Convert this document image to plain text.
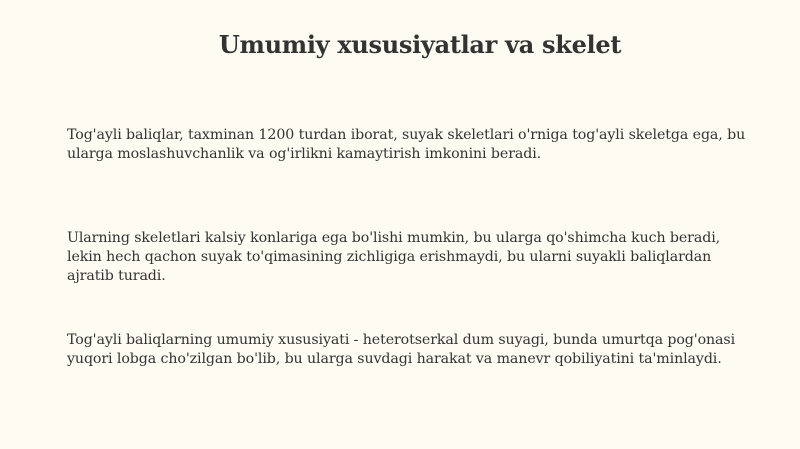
Umumiy xususiyatlar va skelet

Tog'ayli baliqlar, taxminan 1200 turdan iborat, suyak skeletlari o'rniga tog'ayli skeletga ega, bu ularga moslashuvchanlik va og'irlikni kamaytirish imkonini beradi.

Ularning skeletlari kalsiy konlariga ega bo'lishi mumkin, bu ularga qo'shimcha kuch beradi, lekin hech qachon suyak to'qimasining zichligiga erishmaydi, bu ularni suyakli baliqlardan ajratib turadi.

Tog'ayli baliqlarning umumiy xususiyati - heterotserkal dum suyagi, bunda umurtqa pog'onasi yuqori lobga cho'zilgan bo'lib, bu ularga suvdagi harakat va manevr qobiliyatini ta'minlaydi.
